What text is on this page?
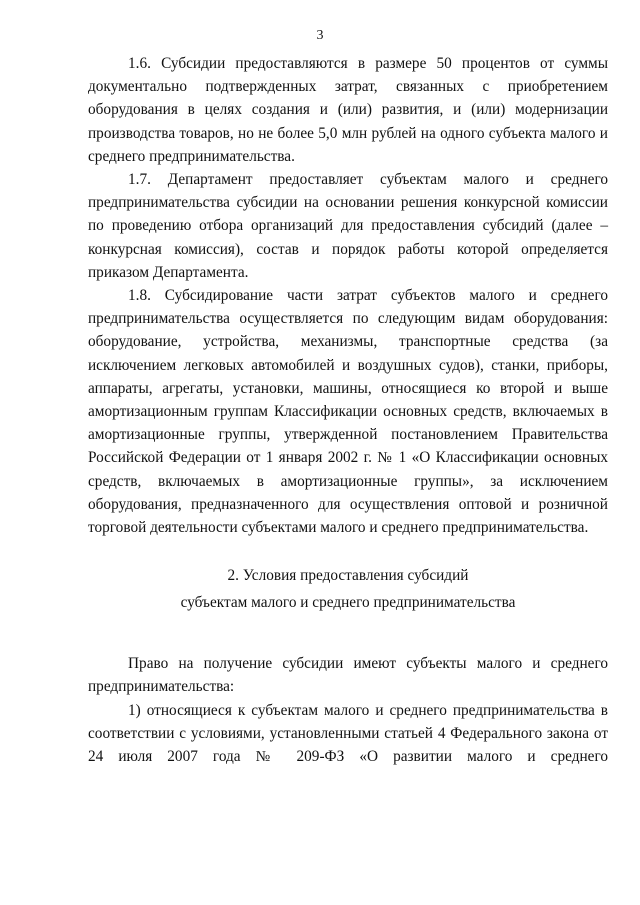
3

1.6. Субсидии предоставляются в размере 50 процентов от суммы документально подтвержденных затрат, связанных с приобретением оборудования в целях создания и (или) развития, и (или) модернизации производства товаров, но не более 5,0 млн рублей на одного субъекта малого и среднего предпринимательства.

1.7. Департамент предоставляет субъектам малого и среднего предпринимательства субсидии на основании решения конкурсной комиссии по проведению отбора организаций для предоставления субсидий (далее – конкурсная комиссия), состав и порядок работы которой определяется приказом Департамента.

1.8. Субсидирование части затрат субъектов малого и среднего предпринимательства осуществляется по следующим видам оборудования: оборудование, устройства, механизмы, транспортные средства (за исключением легковых автомобилей и воздушных судов), станки, приборы, аппараты, агрегаты, установки, машины, относящиеся ко второй и выше амортизационным группам Классификации основных средств, включаемых в амортизационные группы, утвержденной постановлением Правительства Российской Федерации от 1 января 2002 г. № 1 «О Классификации основных средств, включаемых в амортизационные группы», за исключением оборудования, предназначенного для осуществления оптовой и розничной торговой деятельности субъектами малого и среднего предпринимательства.

2. Условия предоставления субсидий
субъектам малого и среднего предпринимательства

Право на получение субсидии имеют субъекты малого и среднего предпринимательства:

1) относящиеся к субъектам малого и среднего предпринимательства в соответствии с условиями, установленными статьей 4 Федерального закона от 24 июля 2007 года № 209-ФЗ «О развитии малого и среднего
